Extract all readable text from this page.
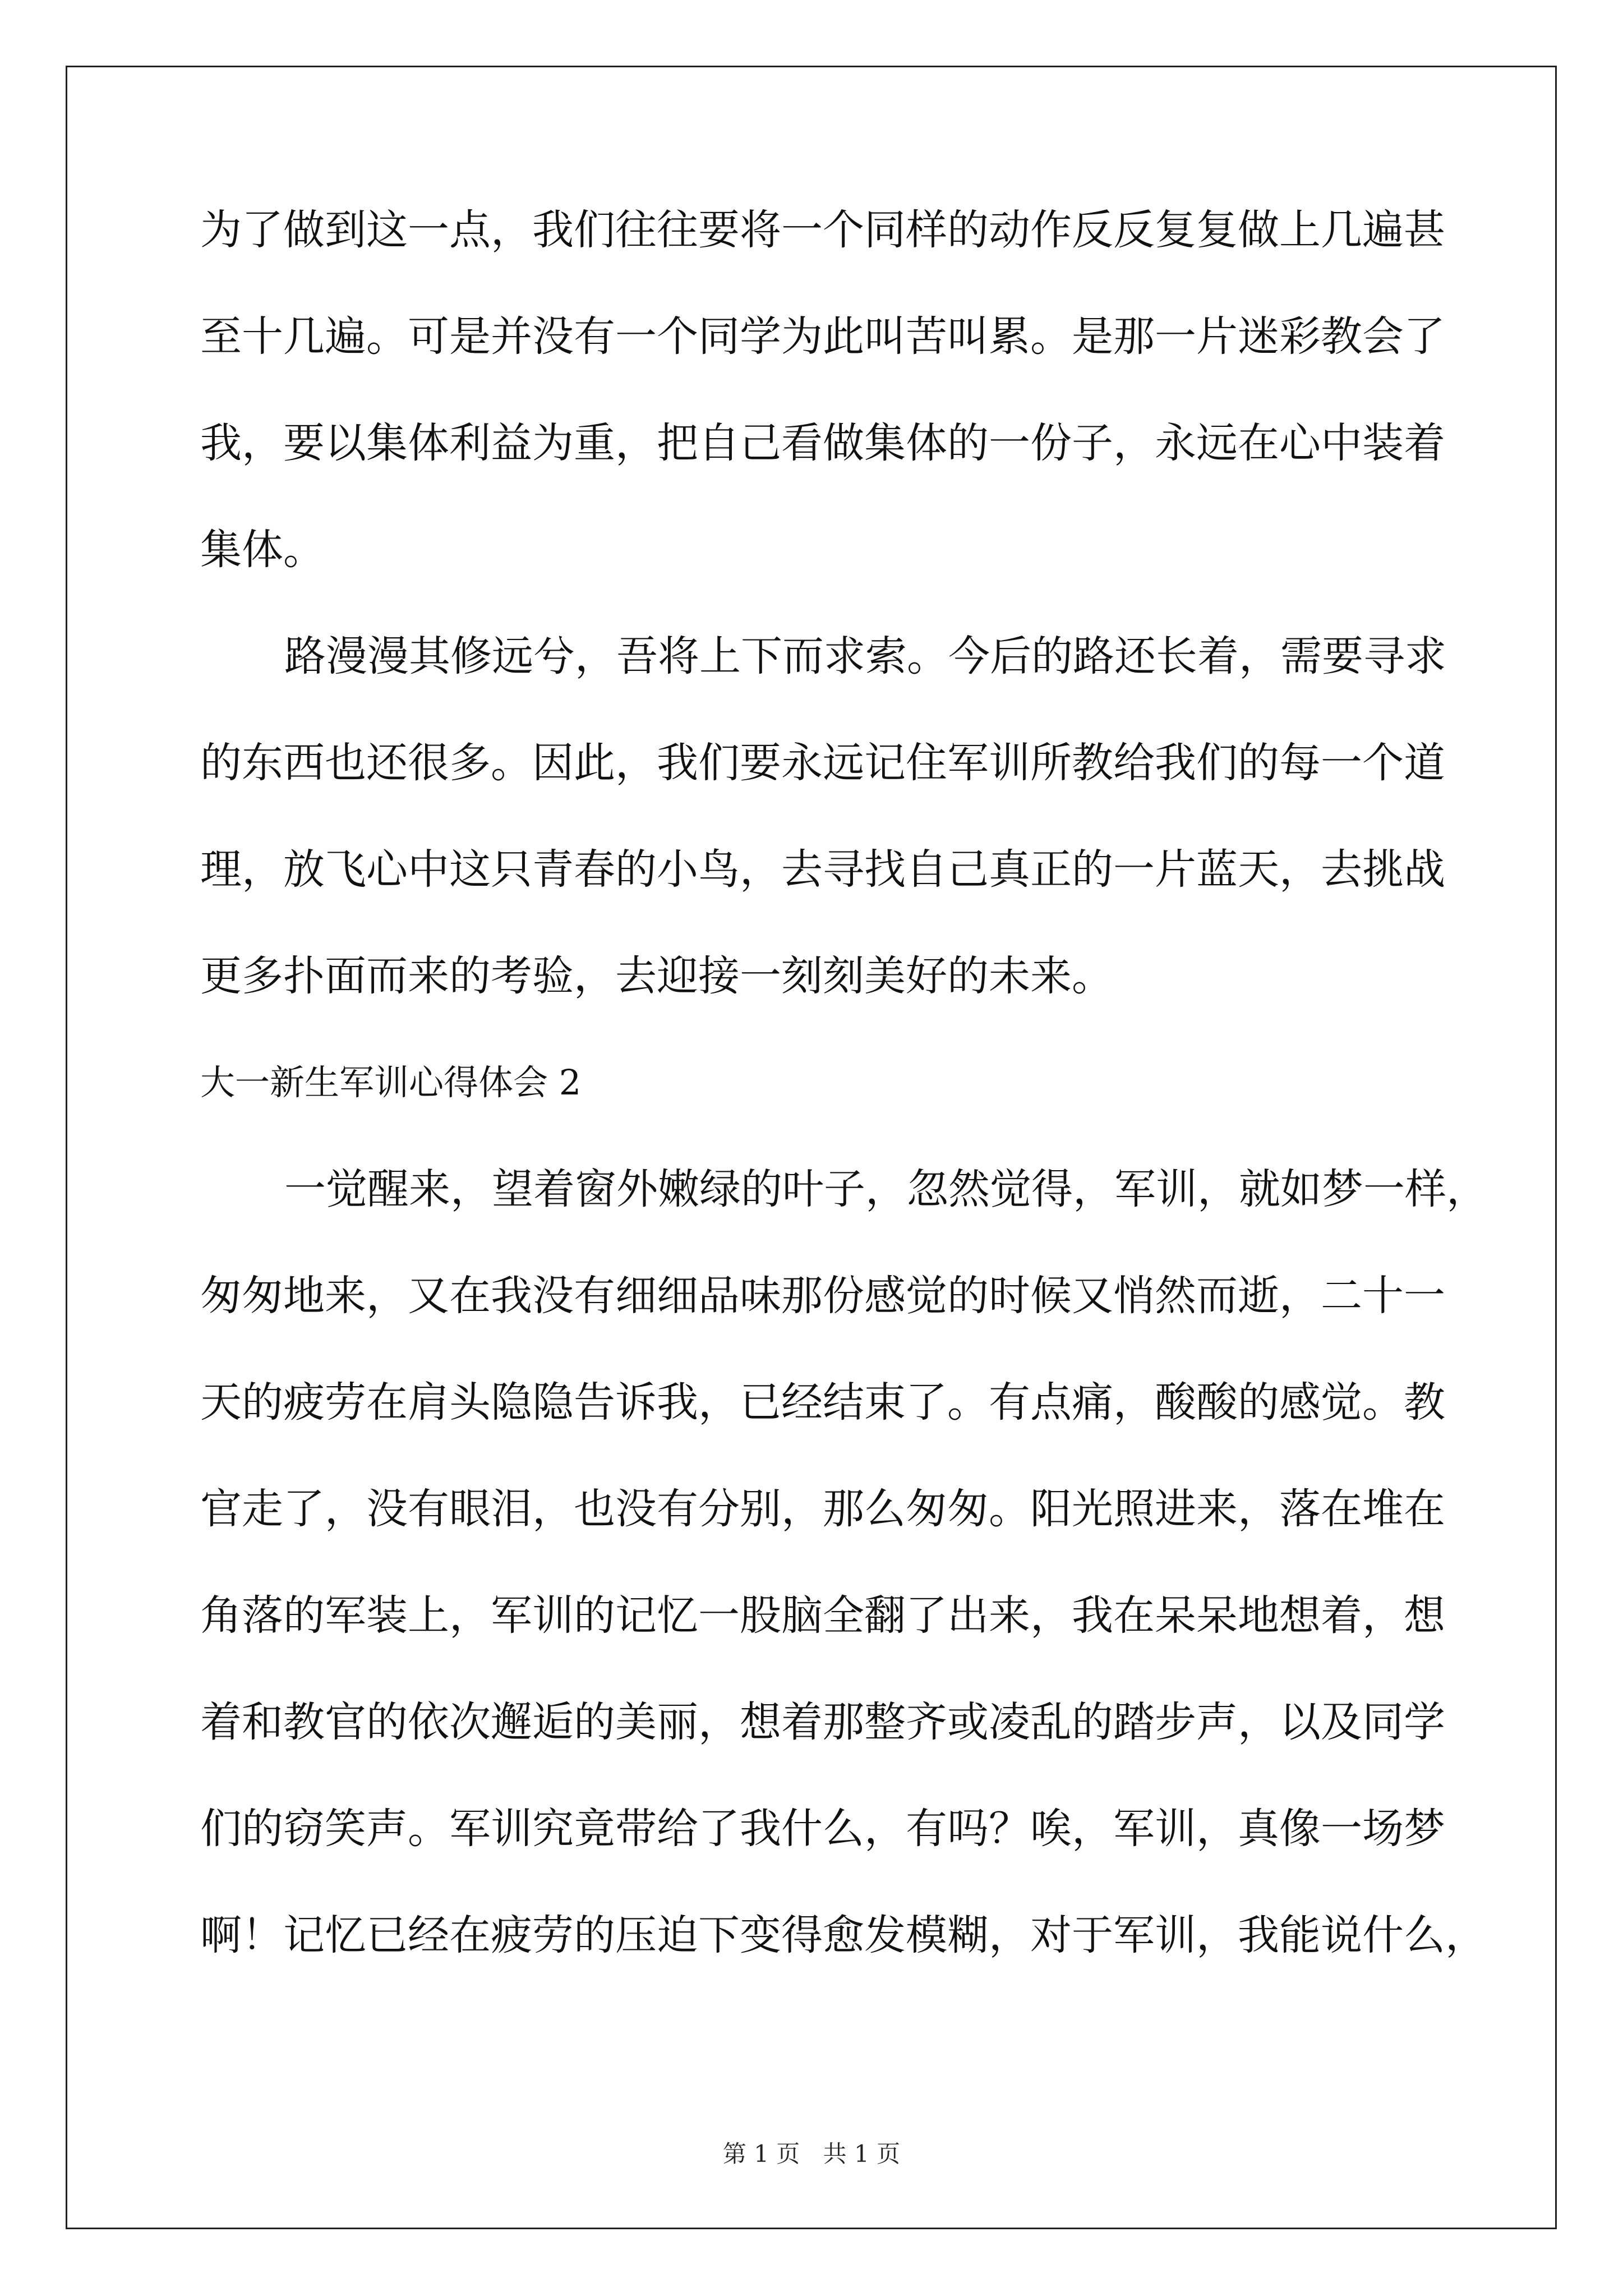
为了做到这一点，我们往往要将一个同样的动作反反复复做上几遍甚
至十几遍。可是并没有一个同学为此叫苦叫累。是那一片迷彩教会了
我，要以集体利益为重，把自己看做集体的一份子，永远在心中装着
集体。
路漫漫其修远兮，吾将上下而求索。今后的路还长着，需要寻求
的东西也还很多。因此，我们要永远记住军训所教给我们的每一个道
理，放飞心中这只青春的小鸟，去寻找自己真正的一片蓝天，去挑战
更多扑面而来的考验，去迎接一刻刻美好的未来。
大一新生军训心得体会 2
一觉醒来，望着窗外嫩绿的叶子，忽然觉得，军训，就如梦一样，
匆匆地来，又在我没有细细品味那份感觉的时候又悄然而逝，二十一
天的疲劳在肩头隐隐告诉我，已经结束了。有点痛，酸酸的感觉。教
官走了，没有眼泪，也没有分别，那么匆匆。阳光照进来，落在堆在
角落的军装上，军训的记忆一股脑全翻了出来，我在呆呆地想着，想
着和教官的依次邂逅的美丽，想着那整齐或凌乱的踏步声，以及同学
们的窃笑声。军训究竟带给了我什么，有吗？唉，军训，真像一场梦
啊！记忆已经在疲劳的压迫下变得愈发模糊，对于军训，我能说什么，
第 1 页 共 1 页
